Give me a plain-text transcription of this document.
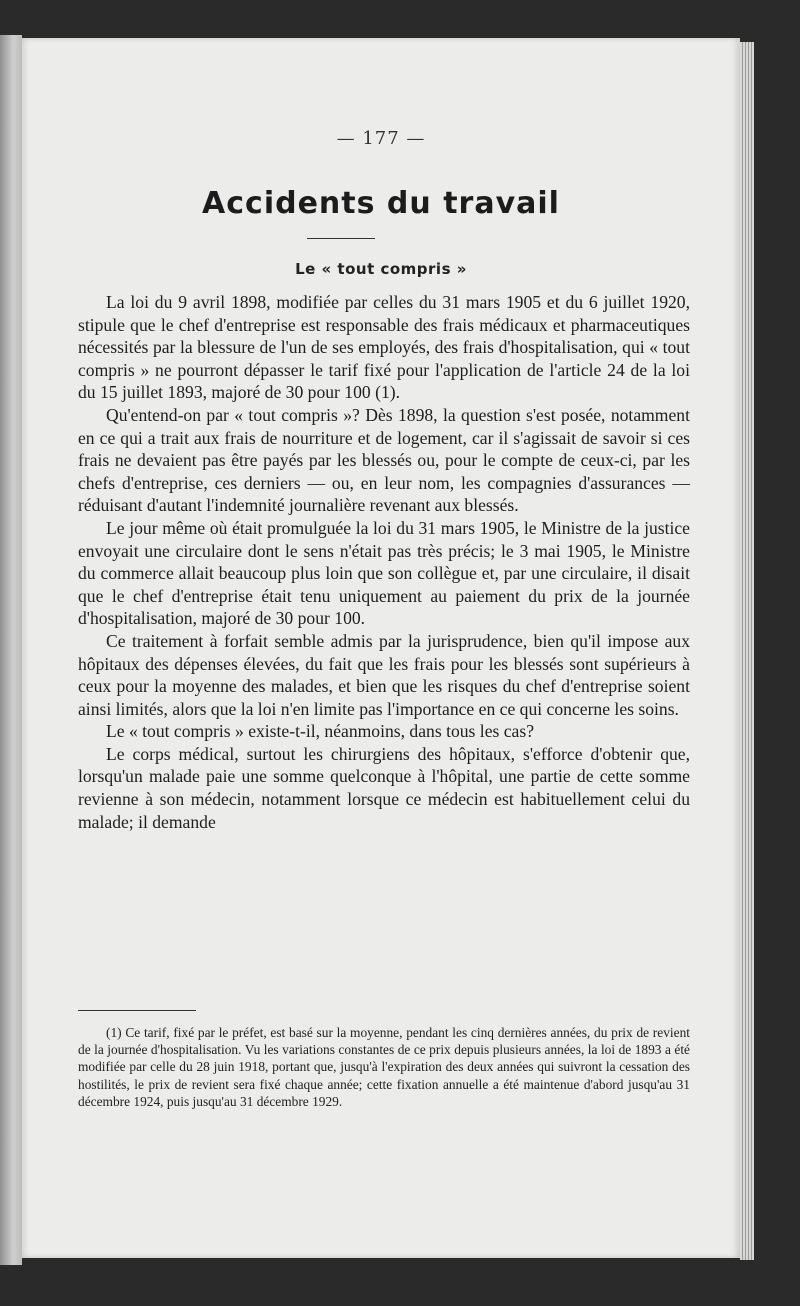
— 177 —
Accidents du travail
Le « tout compris »

La loi du 9 avril 1898, modifiée par celles du 31 mars 1905 et du 6 juillet 1920, stipule que le chef d'entreprise est responsable des frais médicaux et pharmaceutiques nécessités par la blessure de l'un de ses employés, des frais d'hospitalisation, qui « tout compris » ne pourront dépasser le tarif fixé pour l'application de l'article 24 de la loi du 15 juillet 1893, majoré de 30 pour 100 (1).

Qu'entend-on par « tout compris »? Dès 1898, la question s'est posée, notamment en ce qui a trait aux frais de nourriture et de logement, car il s'agissait de savoir si ces frais ne devaient pas être payés par les blessés ou, pour le compte de ceux-ci, par les chefs d'entreprise, ces derniers — ou, en leur nom, les compagnies d'assurances — réduisant d'autant l'indemnité journalière revenant aux blessés.

Le jour même où était promulguée la loi du 31 mars 1905, le Ministre de la justice envoyait une circulaire dont le sens n'était pas très précis; le 3 mai 1905, le Ministre du commerce allait beaucoup plus loin que son collègue et, par une circulaire, il disait que le chef d'entreprise était tenu uniquement au paiement du prix de la journée d'hospitalisation, majoré de 30 pour 100.

Ce traitement à forfait semble admis par la jurisprudence, bien qu'il impose aux hôpitaux des dépenses élevées, du fait que les frais pour les blessés sont supérieurs à ceux pour la moyenne des malades, et bien que les risques du chef d'entreprise soient ainsi limités, alors que la loi n'en limite pas l'importance en ce qui concerne les soins.

Le « tout compris » existe-t-il, néanmoins, dans tous les cas?

Le corps médical, surtout les chirurgiens des hôpitaux, s'efforce d'obtenir que, lorsqu'un malade paie une somme quelconque à l'hôpital, une partie de cette somme revienne à son médecin, notamment lorsque ce médecin est habituellement celui du malade; il demande

(1) Ce tarif, fixé par le préfet, est basé sur la moyenne, pendant les cinq dernières années, du prix de revient de la journée d'hospitalisation. Vu les variations constantes de ce prix depuis plusieurs années, la loi de 1893 a été modifiée par celle du 28 juin 1918, portant que, jusqu'à l'expiration des deux années qui suivront la cessation des hostilités, le prix de revient sera fixé chaque année; cette fixation annuelle a été maintenue d'abord jusqu'au 31 décembre 1924, puis jusqu'au 31 décembre 1929.
